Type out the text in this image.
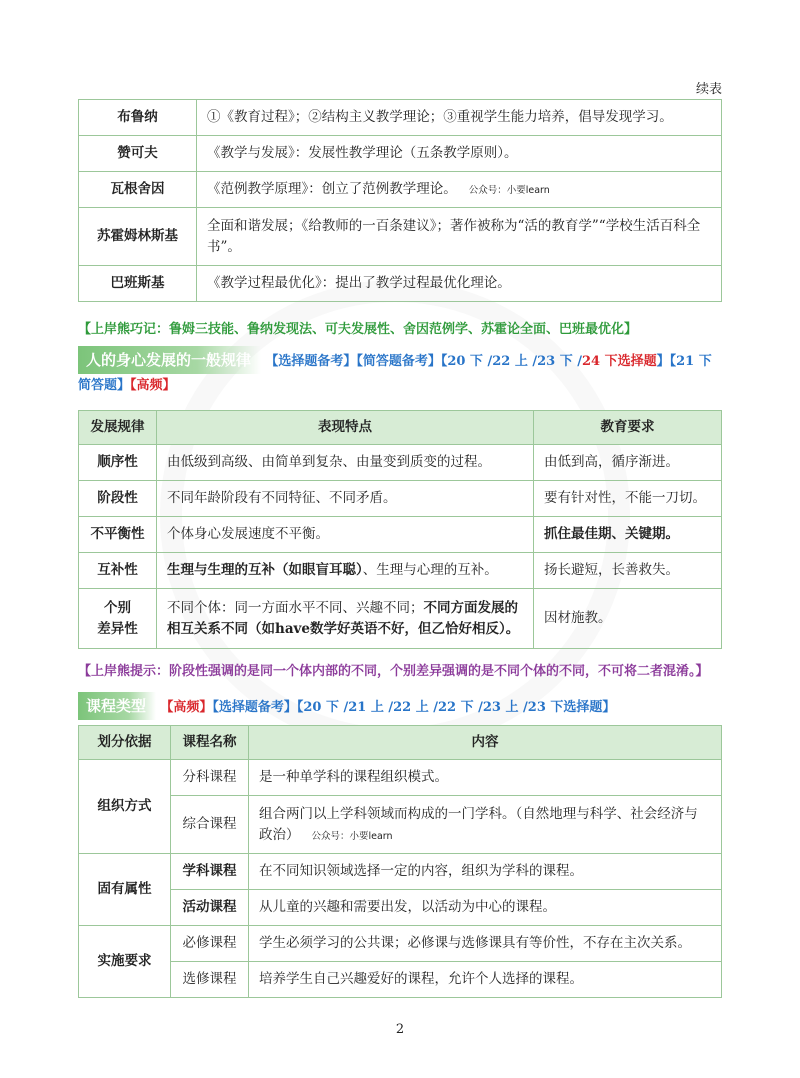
续表
布鲁纳	①《教育过程》；②结构主义教学理论；③重视学生能力培养，倡导发现学习。
赞可夫	《教学与发展》：发展性教学理论（五条教学原则）。
瓦根舍因	《范例教学原理》：创立了范例教学理论。 公众号：小要learn
苏霍姆林斯基	全面和谐发展；《给教师的一百条建议》；著作被称为“活的教育学”“学校生活百科全书”。
巴班斯基	《教学过程最优化》：提出了教学过程最优化理论。
【上岸熊巧记：鲁姆三技能、鲁纳发现法、可夫发展性、舍因范例学、苏霍论全面、巴班最优化】
人的身心发展的一般规律 【选择题备考】【简答题备考】【20 下 /22 上 /23 下 /24 下选择题】【21 下
简答题】【高频】
发展规律	表现特点	教育要求
顺序性	由低级到高级、由简单到复杂、由量变到质变的过程。	由低到高，循序渐进。
阶段性	不同年龄阶段有不同特征、不同矛盾。	要有针对性，不能一刀切。
不平衡性	个体身心发展速度不平衡。	抓住最佳期、关键期。
互补性	生理与生理的互补（如眼盲耳聪）、生理与心理的互补。	扬长避短，长善救失。
个别
差异性	不同个体：同一方面水平不同、兴趣不同；不同方面发展的相互关系不同（如have数学好英语不好，但乙恰好相反）。	因材施教。
【上岸熊提示：阶段性强调的是同一个体内部的不同，个别差异强调的是不同个体的不同，不可将二者混淆。】
课程类型 【高频】【选择题备考】【20 下 /21 上 /22 上 /22 下 /23 上 /23 下选择题】
划分依据	课程名称	内容
组织方式	分科课程	是一种单学科的课程组织模式。
	综合课程	组合两门以上学科领域而构成的一门学科。（自然地理与科学、社会经济与政治） 公众号：小要learn
固有属性	学科课程	在不同知识领域选择一定的内容，组织为学科的课程。
	活动课程	从儿童的兴趣和需要出发，以活动为中心的课程。
实施要求	必修课程	学生必须学习的公共课；必修课与选修课具有等价性，不存在主次关系。
	选修课程	培养学生自己兴趣爱好的课程，允许个人选择的课程。
2
